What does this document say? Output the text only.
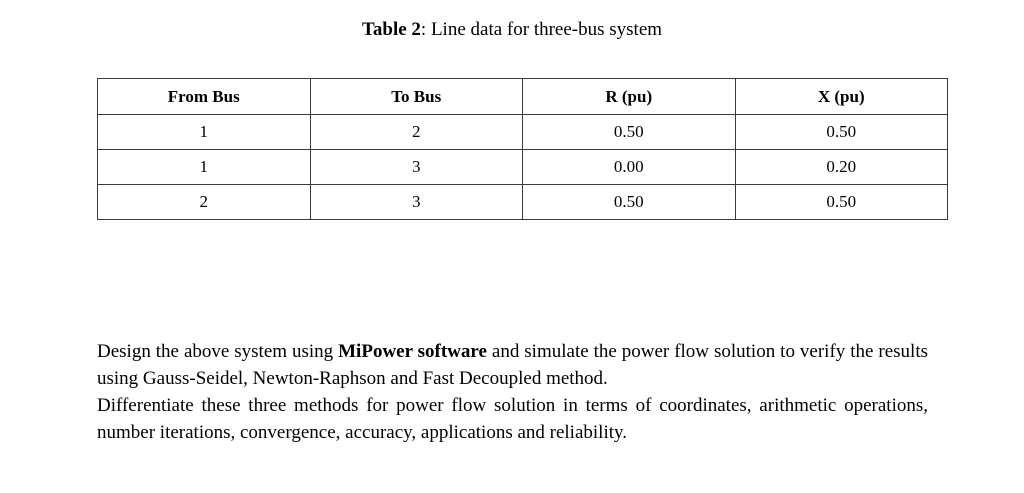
Table 2: Line data for three-bus system
From Bus	To Bus	R (pu)	X (pu)
1	2	0.50	0.50
1	3	0.00	0.20
2	3	0.50	0.50

Design the above system using MiPower software and simulate the power flow solution to verify the results using Gauss-Seidel, Newton-Raphson and Fast Decoupled method.

Differentiate these three methods for power flow solution in terms of coordinates, arithmetic operations, number iterations, convergence, accuracy, applications and reliability.
